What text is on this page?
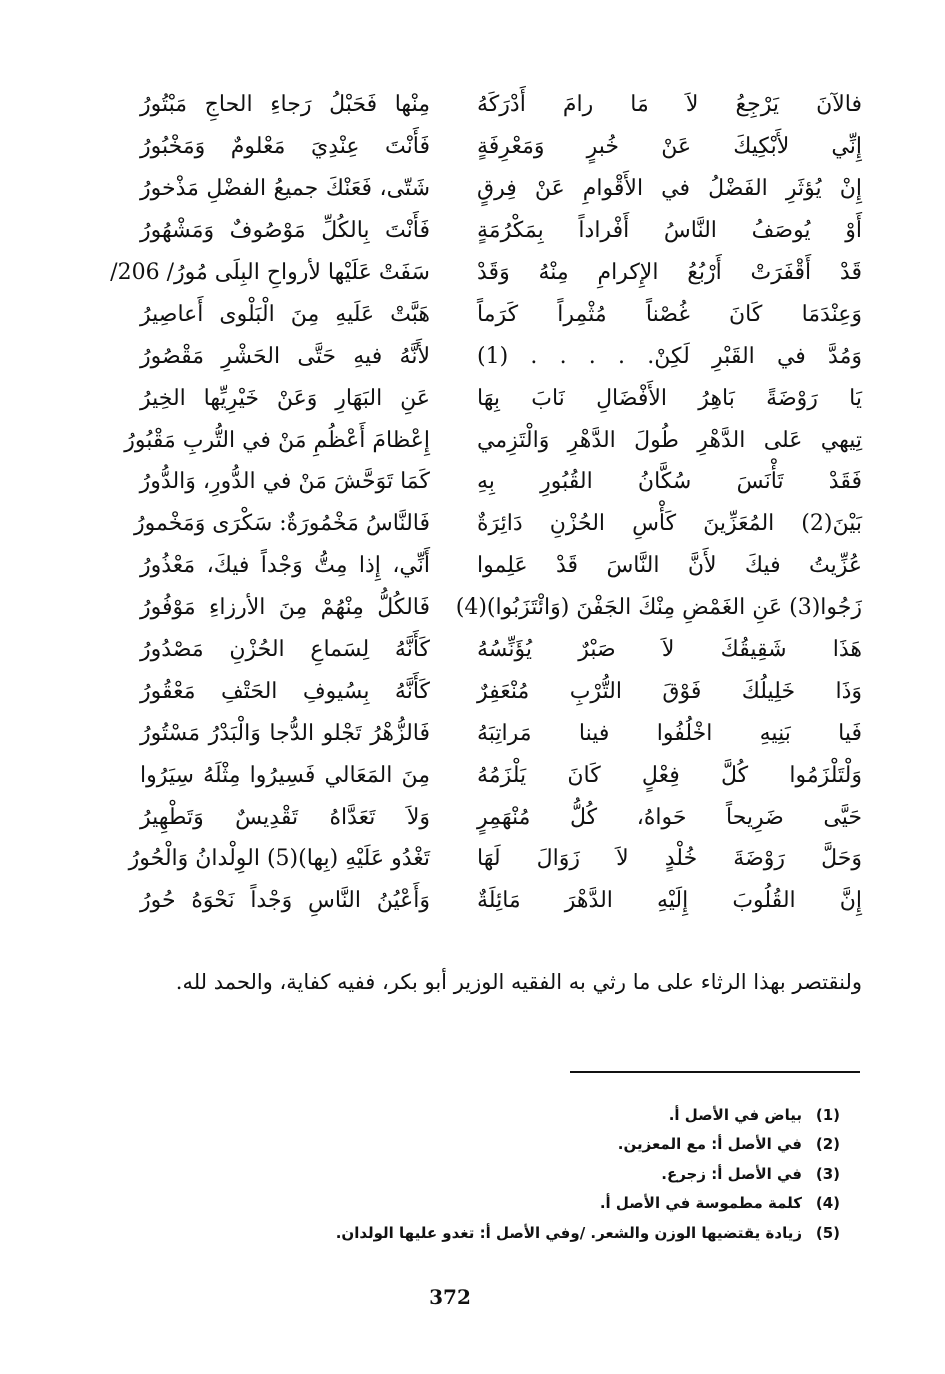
فالآنَ يَرْجِعُ لاَ مَا رامَ أَدْرَكَهُ
مِنْها فَحَبْلُ رَجاءِ الحاجِ مَبْتُورُ
إِنِّي لأَبْكِيكَ عَنْ خُبرٍ وَمَعْرِفَةٍ
فَأَنْتَ عِنْدِيَ مَعْلومٌ وَمَخْبُورُ
إِنْ يُؤثَرِ الفَضْلُ في الأَقْوامِ عَنْ فِرقٍ
شَتّى، فَعَنْكَ جميعُ الفضْلِ مَذْخورُ
أَوْ يُوصَفُ النَّاسُ أَفْراداً بِمَكْرُمَةٍ
فَأَنْتَ بِالكُلِّ مَوْصُوفٌ وَمَشْهُورُ
قَدْ أَقْفَرَتْ أَرْبُعُ الإِكرامِ مِنْهُ وَقَدْ
سَفَتْ عَلَيْها لأرواحِ البِلَى مُورُ/ 206/
وَعِنْدَمَا كَانَ غُصْناً مُثْمِراً كَرَماً
هَبَّتْ عَلَيهِ مِنَ الْبَلْوى أَعاصِيرُ
وَمُدَّ في القَبْرِ لَكِنْ. . . . . (1)
لأَنَّهُ فيهِ حَتَّى الحَشْرِ مَقْصُورُ
يَا رَوْضَةً بَاهِرُ الأَفْضَالِ نَابَ بِهَا
عَنِ البَهَارِ وَعَنْ خَيْرِيِّها الخِيرُ
تِيهي عَلى الدَّهْرِ طُولَ الدَّهْرِ وَالْتَزِمي
إِعْظامَ أَعْظُمِ مَنْ في التُّربِ مَقْبُورُ
فَقَدْ تَأْنَسَ سُكَّانُ القُبُورِ بِهِ
كَمَا تَوَحَّشَ مَنْ في الدُّورِ، وَالدُّورُ
بَيْنَ(2) المُعَزِّينَ كَأْسِ الحُزْنِ دَائِرَةٌ
فَالنَّاسُ مَخْمُورَةٌ: سَكْرَى وَمَخْمورُ
عُزِّيتُ فيكَ لأَنَّ النَّاسَ قَدْ عَلِموا
أَنِّي، إِذا مِتُّ وَجْداً فيكَ، مَعْذُورُ
زَجُوا(3) عَنِ الغَمْضِ مِنْكَ الجَفْنَ (وَائْتَزَبُوا)(4)
فَالكُلُّ مِنْهُمْ مِنَ الأرزاءِ مَوْفُورُ
هَذَا شَقِيقُكَ لاَ صَبْرٌ يُؤَنِّسُهُ
كَأَنَّهُ لِسَماعِ الحُزْنِ مَصْدُورُ
وَذَا خَلِيلُكَ فَوْقَ التُّرْبِ مُنْعَفِرٌ
كَأَنَّهُ بِسُيوفِ الحَتْفِ مَعْقُورُ
فَيا بَنِيهِ اخْلُفُوا فينا مَراتِبَهُ
فَالزُّهْرُ تَجْلو الدُّجا وَالْبَدْرُ مَسْتُورُ
وَلْتَلْزَمُوا كُلَّ فِعْلٍ كَانَ يَلْزَمُهُ
مِنَ المَعَالي فَسِيرُوا مِثْلَهُ سِيَرُوا
حَيَّى ضَرِيحاً حَواهُ، كُلُّ مُنْهَمِرٍ
وَلاَ تَعَدَّاهُ تَقْدِيسٌ وَتَطْهِيرُ
وَحَلَّ رَوْضَةَ خُلْدٍ لاَ زَوَالَ لَهَا
تَغْدُو عَلَيْهِ (بِها)(5) الوِلْدانُ وَالْحُورُ
إِنَّ القُلُوبَ إِلَيْهِ الدَّهْرَ مَائِلَةٌ
وَأَعْيُنُ النَّاسِ وَجْداً نَحْوَهُ حُورُ
ولنقتصر بهذا الرثاء على ما رثي به الفقيه الوزير أبو بكر، ففيه كفاية، والحمد لله.
(1)
بياض في الأصل أ.
(2)
في الأصل أ: مع المعزين.
(3)
في الأصل أ: زجرع.
(4)
كلمة مطموسة في الأصل أ.
(5)
زيادة يقتضيها الوزن والشعر. /وفي الأصل أ: تغدو عليها الولدان.
372
